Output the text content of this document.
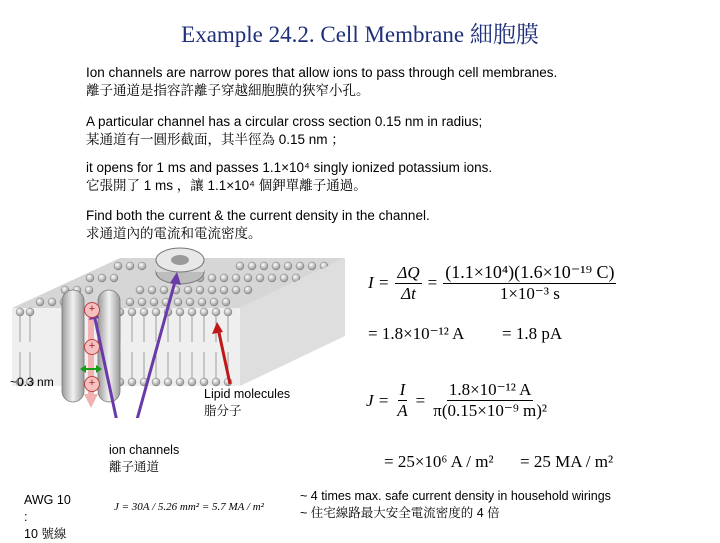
Example 24.2. Cell Membrane 細胞膜
Ion channels are narrow pores that allow ions to pass through cell membranes.
離子通道是指容許離子穿越細胞膜的狹窄小孔。
A particular channel has a circular cross section 0.15 nm in radius;
某通道有一圓形截面，其半徑為 0.15 nm ；
it opens for 1 ms and passes 1.1×10⁴ singly ionized potassium ions.
它張開了 1 ms ，讓 1.1×10⁴ 個鉀單離子通過。
Find both the current & the current density in the channel.
求通道內的電流和電流密度。
+
+
+
~0.3 nm
Lipid molecules
脂分子
ion channels
離子通道
AWG 10
:
10 號線
J = 30A / 5.26 mm² = 5.7 MA / m²
$I = \frac{\Delta Q}{\Delta t} = \frac{\text{(1.1×10⁴)(1.6×10⁻¹⁹ C)}}{\text{1×10⁻³ s}}$
= 1.8×10⁻¹² A = 1.8 pA
$J = \frac{I}{A} = \frac{\text{1.8×10⁻¹² A}}{\text{π(0.15×10⁻⁹ m)²}}$
= 25×10⁶ A / m² = 25 MA / m²
~ 4 times max. safe current density in household wirings
~ 住宅線路最大安全電流密度的 4 倍
